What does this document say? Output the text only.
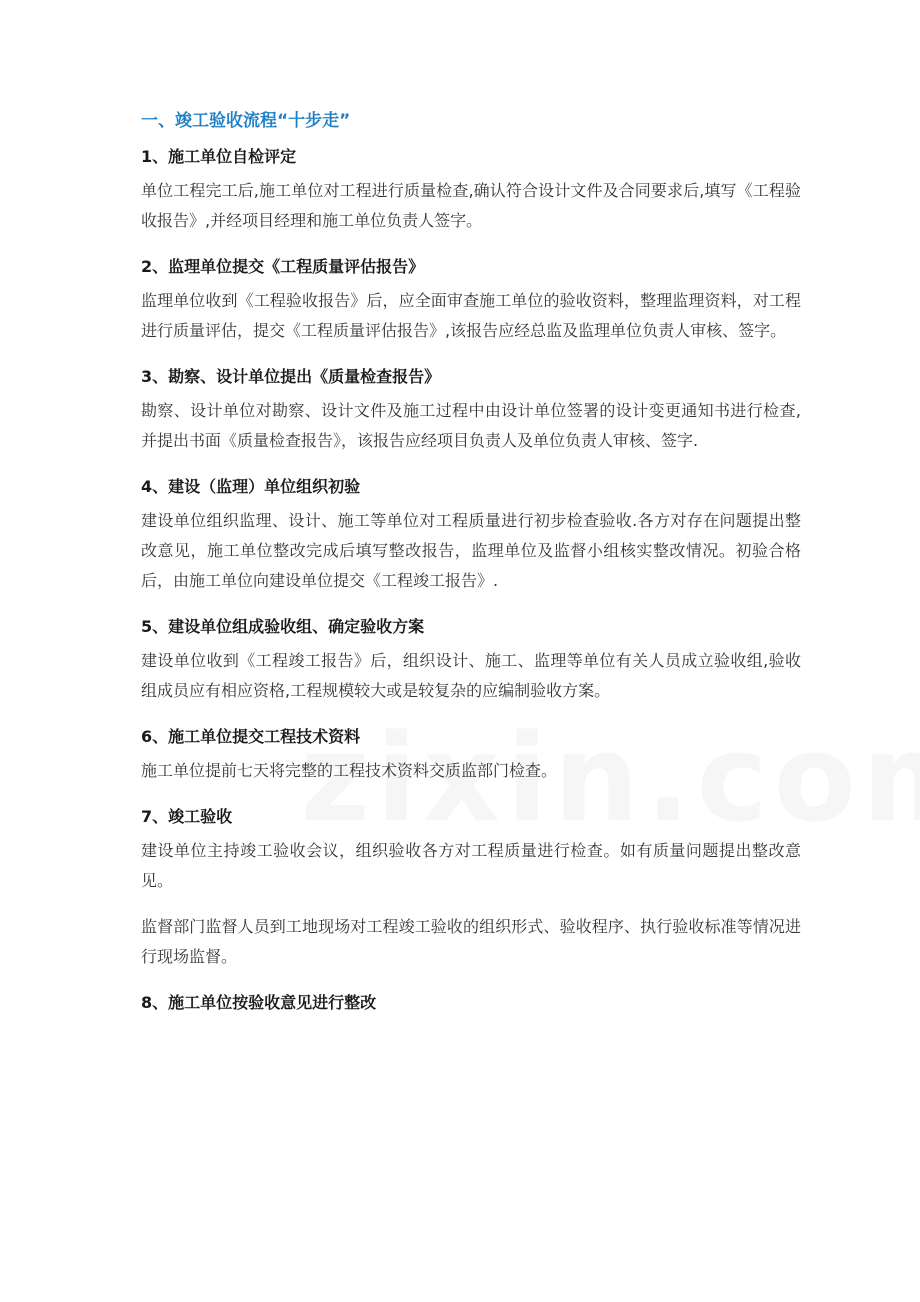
一、竣工验收流程“十步走”
1、施工单位自检评定

单位工程完工后,施工单位对工程进行质量检查,确认符合设计文件及合同要求后,填写《工程验收报告》,并经项目经理和施工单位负责人签字。

2、监理单位提交《工程质量评估报告》

监理单位收到《工程验收报告》后，应全面审查施工单位的验收资料，整理监理资料，对工程进行质量评估，提交《工程质量评估报告》,该报告应经总监及监理单位负责人审核、签字。

3、勘察、设计单位提出《质量检查报告》

勘察、设计单位对勘察、设计文件及施工过程中由设计单位签署的设计变更通知书进行检查,并提出书面《质量检查报告》，该报告应经项目负责人及单位负责人审核、签字.

4、建设（监理）单位组织初验

建设单位组织监理、设计、施工等单位对工程质量进行初步检查验收.各方对存在问题提出整改意见，施工单位整改完成后填写整改报告，监理单位及监督小组核实整改情况。初验合格后，由施工单位向建设单位提交《工程竣工报告》.

5、建设单位组成验收组、确定验收方案

建设单位收到《工程竣工报告》后，组织设计、施工、监理等单位有关人员成立验收组,验收组成员应有相应资格,工程规模较大或是较复杂的应编制验收方案。

6、施工单位提交工程技术资料

施工单位提前七天将完整的工程技术资料交质监部门检查。

7、竣工验收

建设单位主持竣工验收会议，组织验收各方对工程质量进行检查。如有质量问题提出整改意见。

监督部门监督人员到工地现场对工程竣工验收的组织形式、验收程序、执行验收标准等情况进行现场监督。

8、施工单位按验收意见进行整改
